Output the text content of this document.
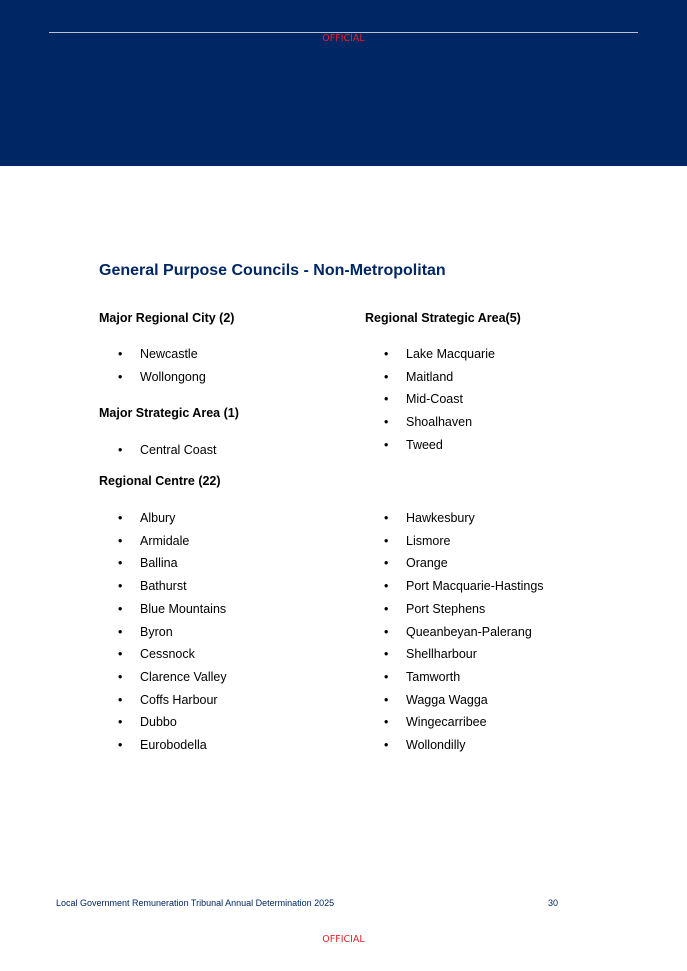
OFFICIAL
General Purpose Councils - Non-Metropolitan
Major Regional City (2)
• Newcastle
• Wollongong
Major Strategic Area (1)
• Central Coast
Regional Strategic Area(5)
• Lake Macquarie
• Maitland
• Mid-Coast
• Shoalhaven
• Tweed
Regional Centre (22)
• Albury
• Armidale
• Ballina
• Bathurst
• Blue Mountains
• Byron
• Cessnock
• Clarence Valley
• Coffs Harbour
• Dubbo
• Eurobodella
• Hawkesbury
• Lismore
• Orange
• Port Macquarie-Hastings
• Port Stephens
• Queanbeyan-Palerang
• Shellharbour
• Tamworth
• Wagga Wagga
• Wingecarribee
• Wollondilly
Local Government Remuneration Tribunal Annual Determination 2025	30
OFFICIAL
